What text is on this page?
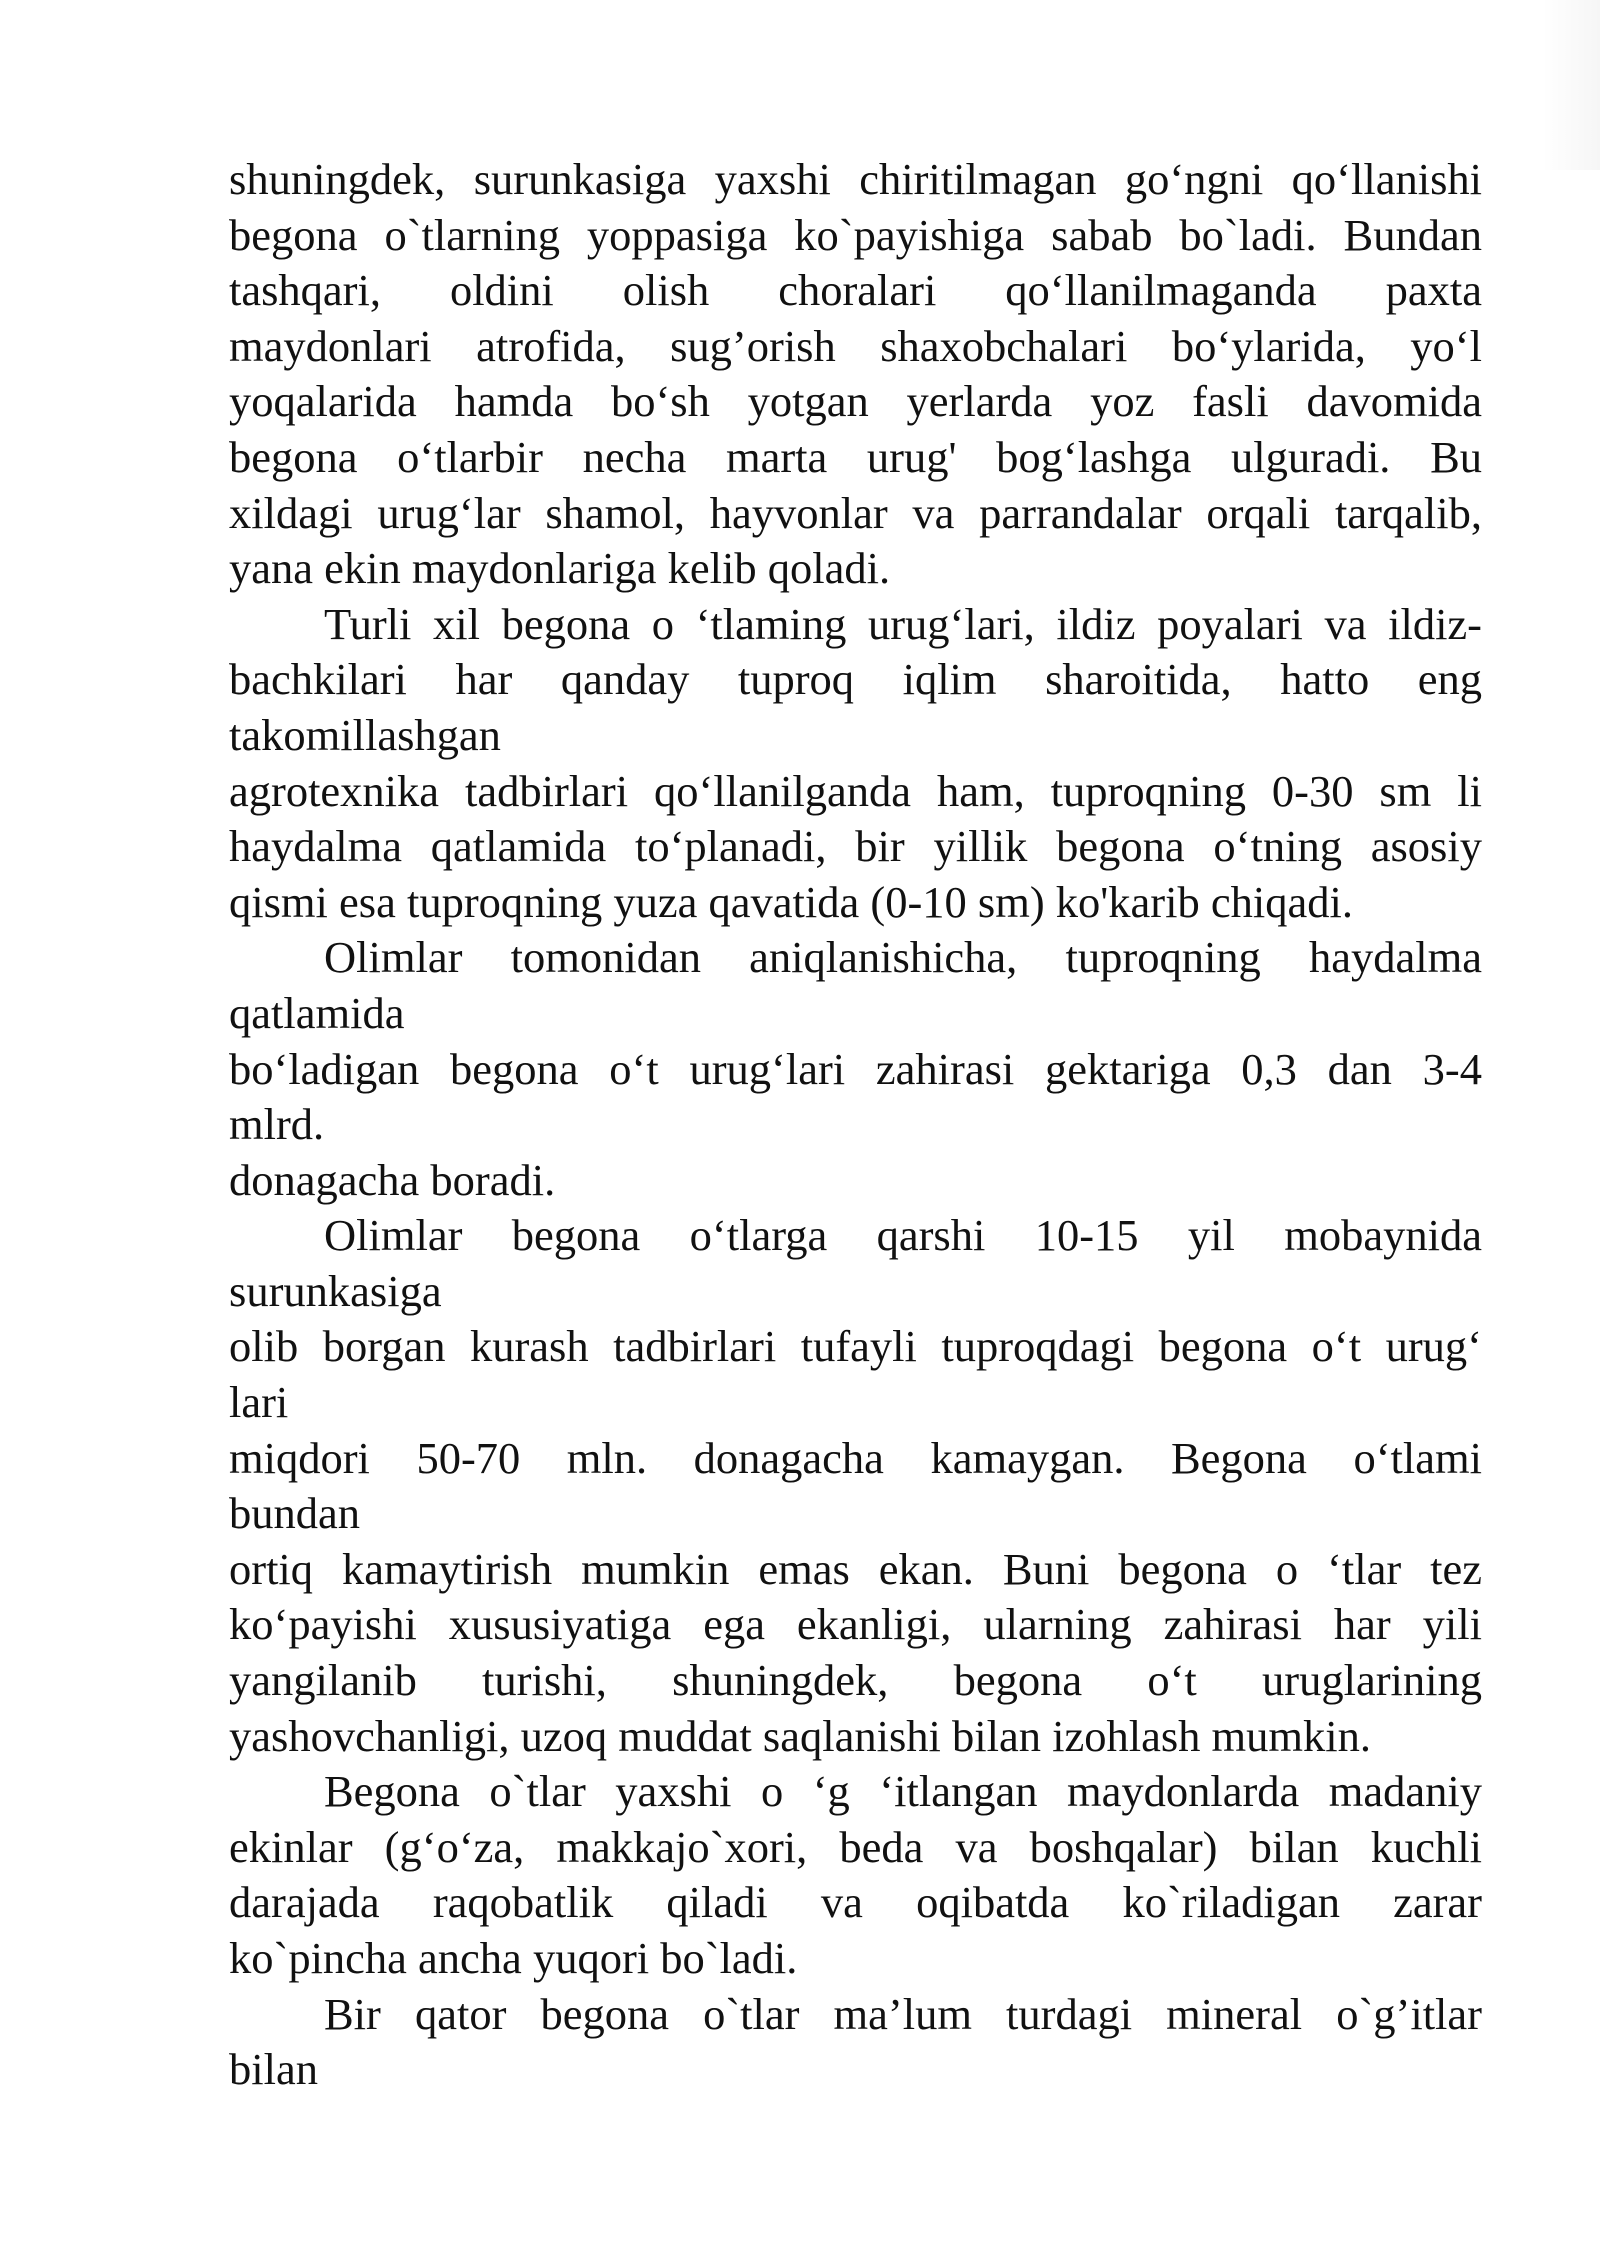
shuningdek, surunkasiga yaxshi chiritilmagan go‘ngni qo‘llanishi
begona o`tlarning yoppasiga ko`payishiga sabab bo`ladi. Bundan
tashqari, oldini olish choralari qo‘llanilmaganda paxta
maydonlari atrofida, sug’orish shaxobchalari bo‘ylarida, yo‘l
yoqalarida hamda bo‘sh yotgan yerlarda yoz fasli davomida
begona o‘tlarbir necha marta urug' bog‘lashga ulguradi. Bu
xildagi urug‘lar shamol, hayvonlar va parrandalar orqali tarqalib,
yana ekin maydonlariga kelib qoladi.
Turli xil begona o ‘tlaming urug‘lari, ildiz poyalari va ildiz-
bachkilari har qanday tuproq iqlim sharoitida, hatto eng
takomillashgan
agrotexnika tadbirlari qo‘llanilganda ham, tuproqning 0-30 sm li
haydalma qatlamida to‘planadi, bir yillik begona o‘tning asosiy
qismi esa tuproqning yuza qavatida (0-10 sm) ko'karib chiqadi.
Olimlar tomonidan aniqlanishicha, tuproqning haydalma
qatlamida
bo‘ladigan begona o‘t urug‘lari zahirasi gektariga 0,3 dan 3-4
mlrd.
donagacha boradi.
Olimlar begona o‘tlarga qarshi 10-15 yil mobaynida
surunkasiga
olib borgan kurash tadbirlari tufayli tuproqdagi begona o‘t urug‘
lari
miqdori 50-70 mln. donagacha kamaygan. Begona o‘tlami
bundan
ortiq kamaytirish mumkin emas ekan. Buni begona o ‘tlar tez
ko‘payishi xususiyatiga ega ekanligi, ularning zahirasi har yili
yangilanib turishi, shuningdek, begona o‘t uruglarining
yashovchanligi, uzoq muddat saqlanishi bilan izohlash mumkin.
Begona o`tlar yaxshi o ‘g ‘itlangan maydonlarda madaniy
ekinlar (g‘o‘za, makkajo`xori, beda va boshqalar) bilan kuchli
darajada raqobatlik qiladi va oqibatda ko`riladigan zarar
ko`pincha ancha yuqori bo`ladi.
Bir qator begona o`tlar ma’lum turdagi mineral o`g’itlar
bilan
